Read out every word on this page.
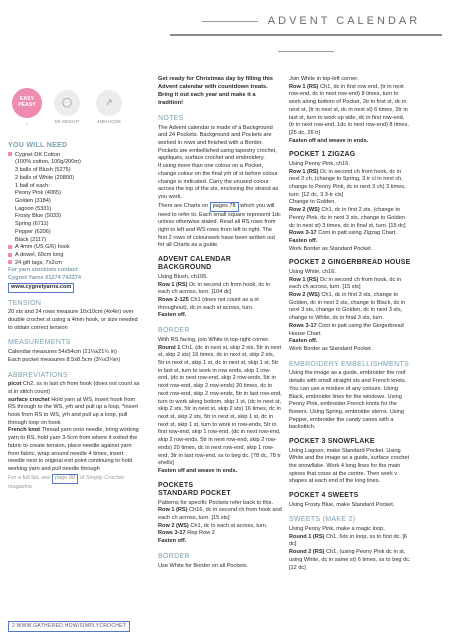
ADVENT CALENDAR
EASY PEASY
☆
◯
DK WEIGHT
↗
4MM HOOK
YOU WILL NEED
Cygnet DK Cotton
(100% cotton, 100g/200m)
3 balls of Blush (5275)
2 balls of White (20800)
1 ball of each:
Peony Pink (4065)
Golden (3184)
Lagoon (5331)
Frosty Blue (5033)
Spring (6711)
Pepper (6206)
Black (2117)
A 4mm (US G/6) hook
A dowel, 60cm long
24 gift tags, 7x2cm

For yarn stockists contact

Cygnet Yarns 01274 743374

www.cygnetyarns.com

TENSION

20 sts and 24 rows measure 10x10cm (4x4in) over double crochet st using a 4mm hook, or size needed to obtain correct tension

MEASUREMENTS

Calendar measures 54x54cm (21¼x21¼ in)

Each pocket measures 8.5x8.5cm (3¼x3¼in)

ABBREVIATIONS

picot Ch2, ss in last ch from hook (does not count as st in stitch count)

surface crochet Hold yarn at WS, insert hook from RS through to the WS, yrh and pull up a loop, *insert hook from RS to WS, yrh and pull up a loop, pull through loop on hook

French knot Thread yarn onto needle, bring working yarn to RS, hold yarn 3-5cm from where it exited the fabric to create tension, place needle against yarn from fabric, wrap around needle 4 times, insert needle next to original exit point continuing to hold working yarn and pull needle through

For a full list, see page 88 of Simply Crochet magazine

Get ready for Christmas day by filling this Advent calendar with countdown treats. Bring it out each year and make it a tradition!

NOTES

The Advent calendar is made of a Background and 24 Pockets. Background and Pockets are worked in rows and finished with a Border. Pockets are embellished using tapestry crochet, appliqués, surface crochet and embroidery.

If using more than one colour on a Pocket, change colour on the final yrh of st before colour change is indicated. Carry the unused colour across the top of the sts, enclosing the strand as you work.

There are Charts on pages 78 which you will need to refer to. Each small square represent 1dc unless otherwise stated. Read all RS rows from right to left and WS rows from left to right. The first 2 rows of colourwork have been written out for all Charts as a guide.

ADVENT CALENDAR BACKGROUND

Using Blush, ch105.

Row 1 (RS) Dc in second ch from hook, dc in each ch across, turn. [104 dc]

Rows 2-125 Ch1 (does not count as a st throughout), dc in each st across, turn.

Fasten off.

BORDER

With RS facing, join White in top-right corner.

Round 1 Ch1, (dc in next st, skip 2 sts, 5tr in next st, skip 2 sts) 16 times, dc in next st, skip 2 sts, 5tr in next st, skip 1 st, dc in next st, skip 1 st, 5tr in last st, turn to work in row ends, skip 1 row-end, (dc in next row-end, skip 2 row-ends, 5tr in next row-end, skip 2 row-ends) 20 times, dc in next row-end, skip 2 row-ends, 5tr in last row-end, turn to work along bottom, skip 1 st, (dc in next st, skip 2 sts, 5tr in next st, skip 2 sts) 16 times, dc in next st, skip 2 sts, 5tr in next st, skip 1 st, dc in next st, skip 1 st, turn to work in row-ends, 5tr in first row-end, skip 1 row-end, (dc in next row-end, skip 2 row-ends, 5tr in next row-end, skip 2 row-ends) 20 times, dc in next row-end, skip 1 row-end, 3tr in last row-end, ss to beg dc. [78 dc, 78 tr shells]

Fasten off and weave in ends.

POCKETS
STANDARD POCKET

Patterns for specific Pockets refer back to this.

Row 1 (RS) Ch16, dc in second ch from hook and each ch across, turn. [15 sts]

Row 2 (WS) Ch1, dc in each st across, turn.

Rows 3-17 Rep Row 2

Fasten off.

BORDER

Use White for Border on all Pockets.

Join White in top-left corner.

Row 1 (RS) Ch1, dc in first row end, (tr in next row-end, dc in next row-end) 8 times, turn to work along bottom of Pocket, 2tr in first st, dc in next st, (tr in next st, dc in next st) 6 times, 2tr in last st, turn to work up side, dc in first row-end, (tr in next row-end, 1dc in next row-end) 8 times. [25 dc, 26 tr]

Fasten off and weave in ends.

POCKET 1 ZIGZAG

Using Peony Pink, ch16.

Row 1 (RS) Dc in second ch from hook, dc in next 2 ch, (change to Spring, 3 tr cl in next ch, change to Peony Pink, dc in next 3 ch) 3 times, turn. [12 dc, 3 3-tr cls]

Change to Golden.

Row 2 (WS) Ch1, dc in first 2 sts, (change to Peony Pink, dc in next 3 sts, change to Golden dc in next st) 3 times, dc in final st, turn. [15 dc]

Rows 3-17 Cont in patt using Zigzag Chart.

Fasten off.

Work Border as Standard Pocket.

POCKET 2 GINGERBREAD HOUSE

Using White, ch16.

Row 1 (RS) Dc in second ch from hook, dc in each ch across, turn. [15 sts]

Row 2 (WS) Ch1, dc in first 3 sts, change to Golden, dc in next 3 sts, change to Black, dc in next 3 sts, change to Golden, dc in next 3 sts, change to White, dc in final 3 sts, turn.

Rows 3-17 Cont in patt using the Gingerbread House Chart.

Fasten off.

Work Border as Standard Pocket.

EMBROIDERY EMBELLISHMENTS

Using the image as a guide, embroider the roof details with small straight sts and French knots. You can use a mixture of any colours. Using Black, embroider lines for the windows. Using Peony Pink, embroider French knots for the flowers. Using Spring, embroider stems. Using Pepper, embroider the candy canes with a backstitch.

POCKET 3 SNOWFLAKE

Using Lagoon, make Standard Pocket. Using White and the image as a guide, surface crochet the snowflake. Work 4 long lines for the main spines that cross at the centre. Then work v shapes at each end of the long lines.

POCKET 4 SWEETS

Using Frosty Blue, make Standard Pocket.

SWEETS (MAKE 2)

Using Peony Pink, make a magic loop.

Round 1 (RS) Ch1, 6dc in loop, ss to first dc. [6 dc]

Round 2 (RS) Ch1, (using Peony Pink dc in st, using White, dc in same st) 6 times, ss to beg dc. [12 dc]

2 WWW.GATHERED.HOW/SIMPLYCROCHET
